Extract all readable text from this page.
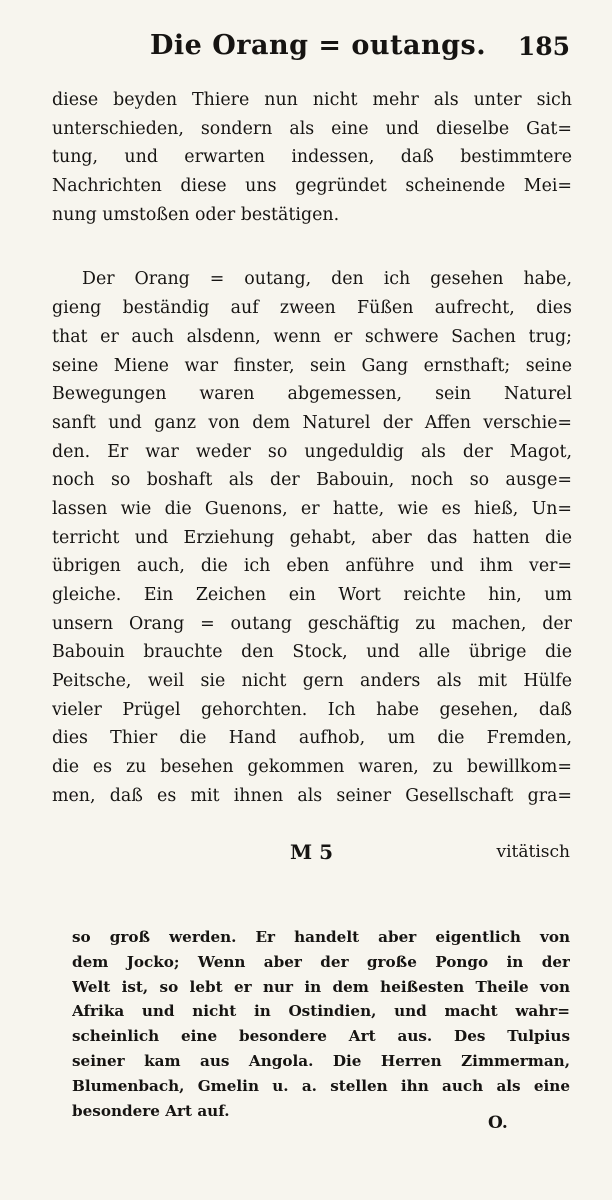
Die Orang = outangs. 185
diese beyden Thiere nun nicht mehr als unter sich
unterschieden, sondern als eine und dieselbe Gat=
tung, und erwarten indessen, daß bestimmtere
Nachrichten diese uns gegründet scheinende Mei=
nung umstoßen oder bestätigen.
Der Orang = outang, den ich gesehen habe,
gieng beständig auf zween Füßen aufrecht, dies
that er auch alsdenn, wenn er schwere Sachen trug;
seine Miene war finster, sein Gang ernsthaft; seine
Bewegungen waren abgemessen, sein Naturel
sanft und ganz von dem Naturel der Affen verschie=
den. Er war weder so ungeduldig als der Magot,
noch so boshaft als der Babouin, noch so ausge=
lassen wie die Guenons, er hatte, wie es hieß, Un=
terricht und Erziehung gehabt, aber das hatten die
übrigen auch, die ich eben anführe und ihm ver=
gleiche. Ein Zeichen ein Wort reichte hin, um
unsern Orang = outang geschäftig zu machen, der
Babouin brauchte den Stock, und alle übrige die
Peitsche, weil sie nicht gern anders als mit Hülfe
vieler Prügel gehorchten. Ich habe gesehen, daß
dies Thier die Hand aufhob, um die Fremden,
die es zu besehen gekommen waren, zu bewillkom=
men, daß es mit ihnen als seiner Gesellschaft gra=
M 5	vitätisch
so groß werden. Er handelt aber eigentlich von
dem Jocko; Wenn aber der große Pongo in der
Welt ist, so lebt er nur in dem heißesten Theile von
Afrika und nicht in Ostindien, und macht wahr=
scheinlich eine besondere Art aus. Des Tulpius
seiner kam aus Angola. Die Herren Zimmerman,
Blumenbach, Gmelin u. a. stellen ihn auch als eine
besondere Art auf.
O.
